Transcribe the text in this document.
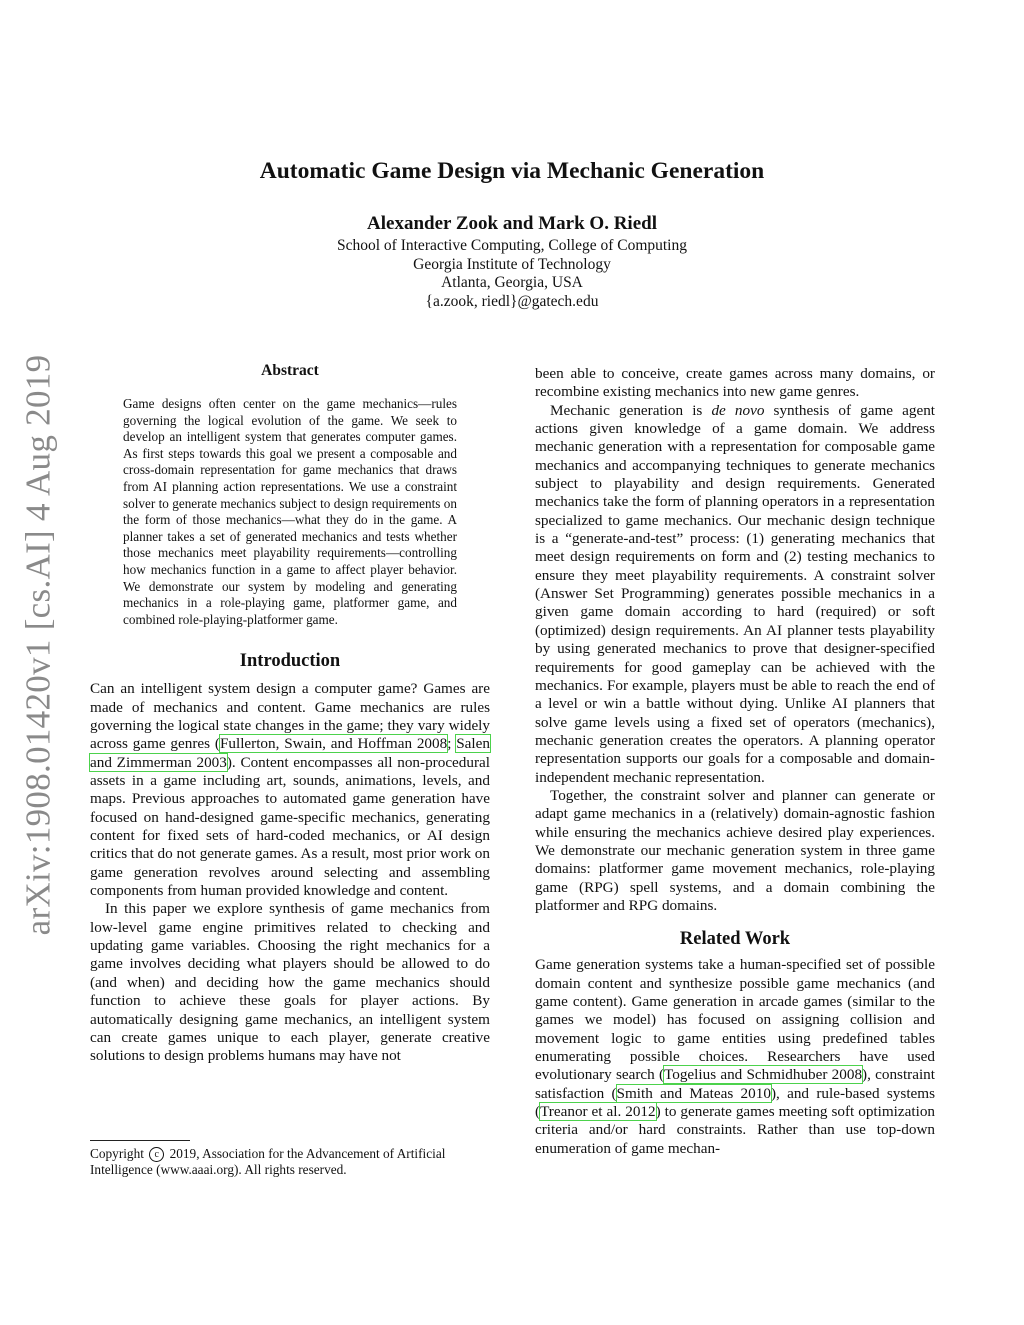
arXiv:1908.01420v1 [cs.AI] 4 Aug 2019
Automatic Game Design via Mechanic Generation
Alexander Zook and Mark O. Riedl
School of Interactive Computing, College of Computing
Georgia Institute of Technology
Atlanta, Georgia, USA
{a.zook, riedl}@gatech.edu
Abstract

Game designs often center on the game mechanics—rules governing the logical evolution of the game. We seek to develop an intelligent system that generates computer games. As first steps towards this goal we present a composable and cross-domain representation for game mechanics that draws from AI planning action representations. We use a constraint solver to generate mechanics subject to design requirements on the form of those mechanics—what they do in the game. A planner takes a set of generated mechanics and tests whether those mechanics meet playability requirements—controlling how mechanics function in a game to affect player behavior. We demonstrate our system by modeling and generating mechanics in a role-playing game, platformer game, and combined role-playing-platformer game.

Introduction

Can an intelligent system design a computer game? Games are made of mechanics and content. Game mechanics are rules governing the logical state changes in the game; they vary widely across game genres (Fullerton, Swain, and Hoffman 2008; Salen and Zimmerman 2003). Content encompasses all non-procedural assets in a game including art, sounds, animations, levels, and maps. Previous approaches to automated game generation have focused on hand-designed game-specific mechanics, generating content for fixed sets of hard-coded mechanics, or AI design critics that do not generate games. As a result, most prior work on game generation revolves around selecting and assembling components from human provided knowledge and content.

In this paper we explore synthesis of game mechanics from low-level game engine primitives related to checking and updating game variables. Choosing the right mechanics for a game involves deciding what players should be allowed to do (and when) and deciding how the game mechanics should function to achieve these goals for player actions. By automatically designing game mechanics, an intelligent system can create games unique to each player, generate creative solutions to design problems humans may have not

been able to conceive, create games across many domains, or recombine existing mechanics into new game genres.

Mechanic generation is de novo synthesis of game agent actions given knowledge of a game domain. We address mechanic generation with a representation for composable game mechanics and accompanying techniques to generate mechanics subject to playability and design requirements. Generated mechanics take the form of planning operators in a representation specialized to game mechanics. Our mechanic design technique is a “generate-and-test” process: (1) generating mechanics that meet design requirements on form and (2) testing mechanics to ensure they meet playability requirements. A constraint solver (Answer Set Programming) generates possible mechanics in a given game domain according to hard (required) or soft (optimized) design requirements. An AI planner tests playability by using generated mechanics to prove that designer-specified requirements for good gameplay can be achieved with the mechanics. For example, players must be able to reach the end of a level or win a battle without dying. Unlike AI planners that solve game levels using a fixed set of operators (mechanics), mechanic generation creates the operators. A planning operator representation supports our goals for a composable and domain-independent mechanic representation.

Together, the constraint solver and planner can generate or adapt game mechanics in a (relatively) domain-agnostic fashion while ensuring the mechanics achieve desired play experiences. We demonstrate our mechanic generation system in three game domains: platformer game movement mechanics, role-playing game (RPG) spell systems, and a domain combining the platformer and RPG domains.

Related Work

Game generation systems take a human-specified set of possible domain content and synthesize possible game mechanics (and game content). Game generation in arcade games (similar to the games we model) has focused on assigning collision and movement logic to game entities using predefined tables enumerating possible choices. Researchers have used evolutionary search (Togelius and Schmidhuber 2008), constraint satisfaction (Smith and Mateas 2010), and rule-based systems (Treanor et al. 2012) to generate games meeting soft optimization criteria and/or hard constraints. Rather than use top-down enumeration of game mechan-

Copyright c 2019, Association for the Advancement of Artificial Intelligence (www.aaai.org). All rights reserved.
